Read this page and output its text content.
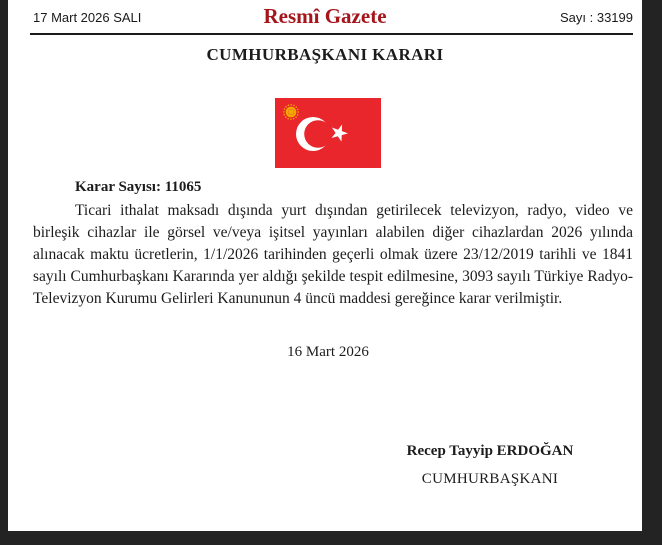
17 Mart 2026 SALI	Resmî Gazete	Sayı : 33199
CUMHURBAŞKANI KARARI

Karar Sayısı: 11065

Ticari ithalat maksadı dışında yurt dışından getirilecek televizyon, radyo, video ve birleşik cihazlar ile görsel ve/veya işitsel yayınları alabilen diğer cihazlardan 2026 yılında alınacak maktu ücretlerin, 1/1/2026 tarihinden geçerli olmak üzere 23/12/2019 tarihli ve 1841 sayılı Cumhurbaşkanı Kararında yer aldığı şekilde tespit edilmesine, 3093 sayılı Türkiye Radyo-Televizyon Kurumu Gelirleri Kanununun 4 üncü maddesi gereğince karar verilmiştir.

16 Mart 2026

Recep Tayyip ERDOĞAN
CUMHURBAŞKANI
